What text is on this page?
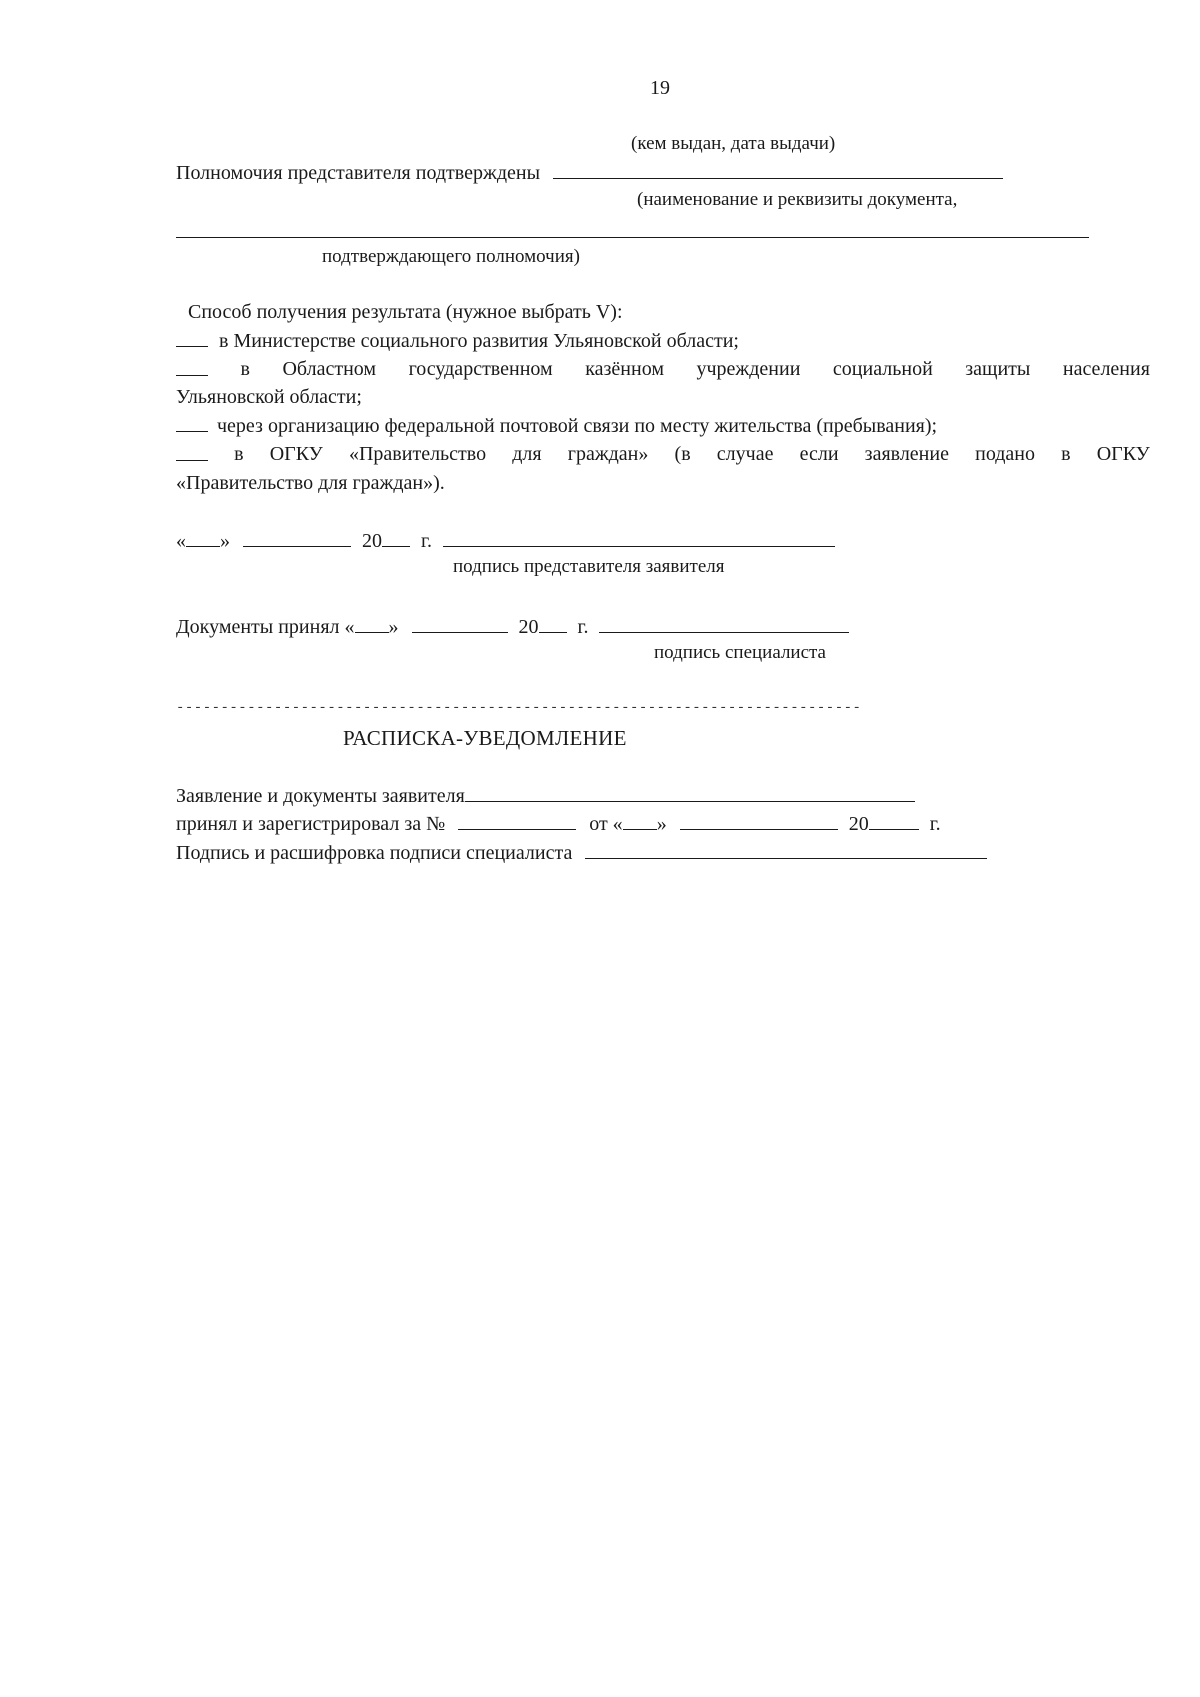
19
(кем выдан, дата выдачи)
Полномочия представителя подтверждены
(наименование и реквизиты документа,
подтверждающего полномочия)
Способ получения результата (нужное выбрать V):
в Министерстве социального развития Ульяновской области;
в Областном государственном казённом учреждении социальной защиты населения
Ульяновской области;
через организацию федеральной почтовой связи по месту жительства (пребывания);
в ОГКУ «Правительство для граждан» (в случае если заявление подано в ОГКУ
«Правительство для граждан»).
« »	20 г.
подпись представителя заявителя
Документы принял « »	20 г.
подпись специалиста
-----------------------------------------------------------------------------
РАСПИСКА-УВЕДОМЛЕНИЕ
Заявление и документы заявителя
принял и зарегистрировал за №	от « »	20	г.
Подпись и расшифровка подписи специалиста
